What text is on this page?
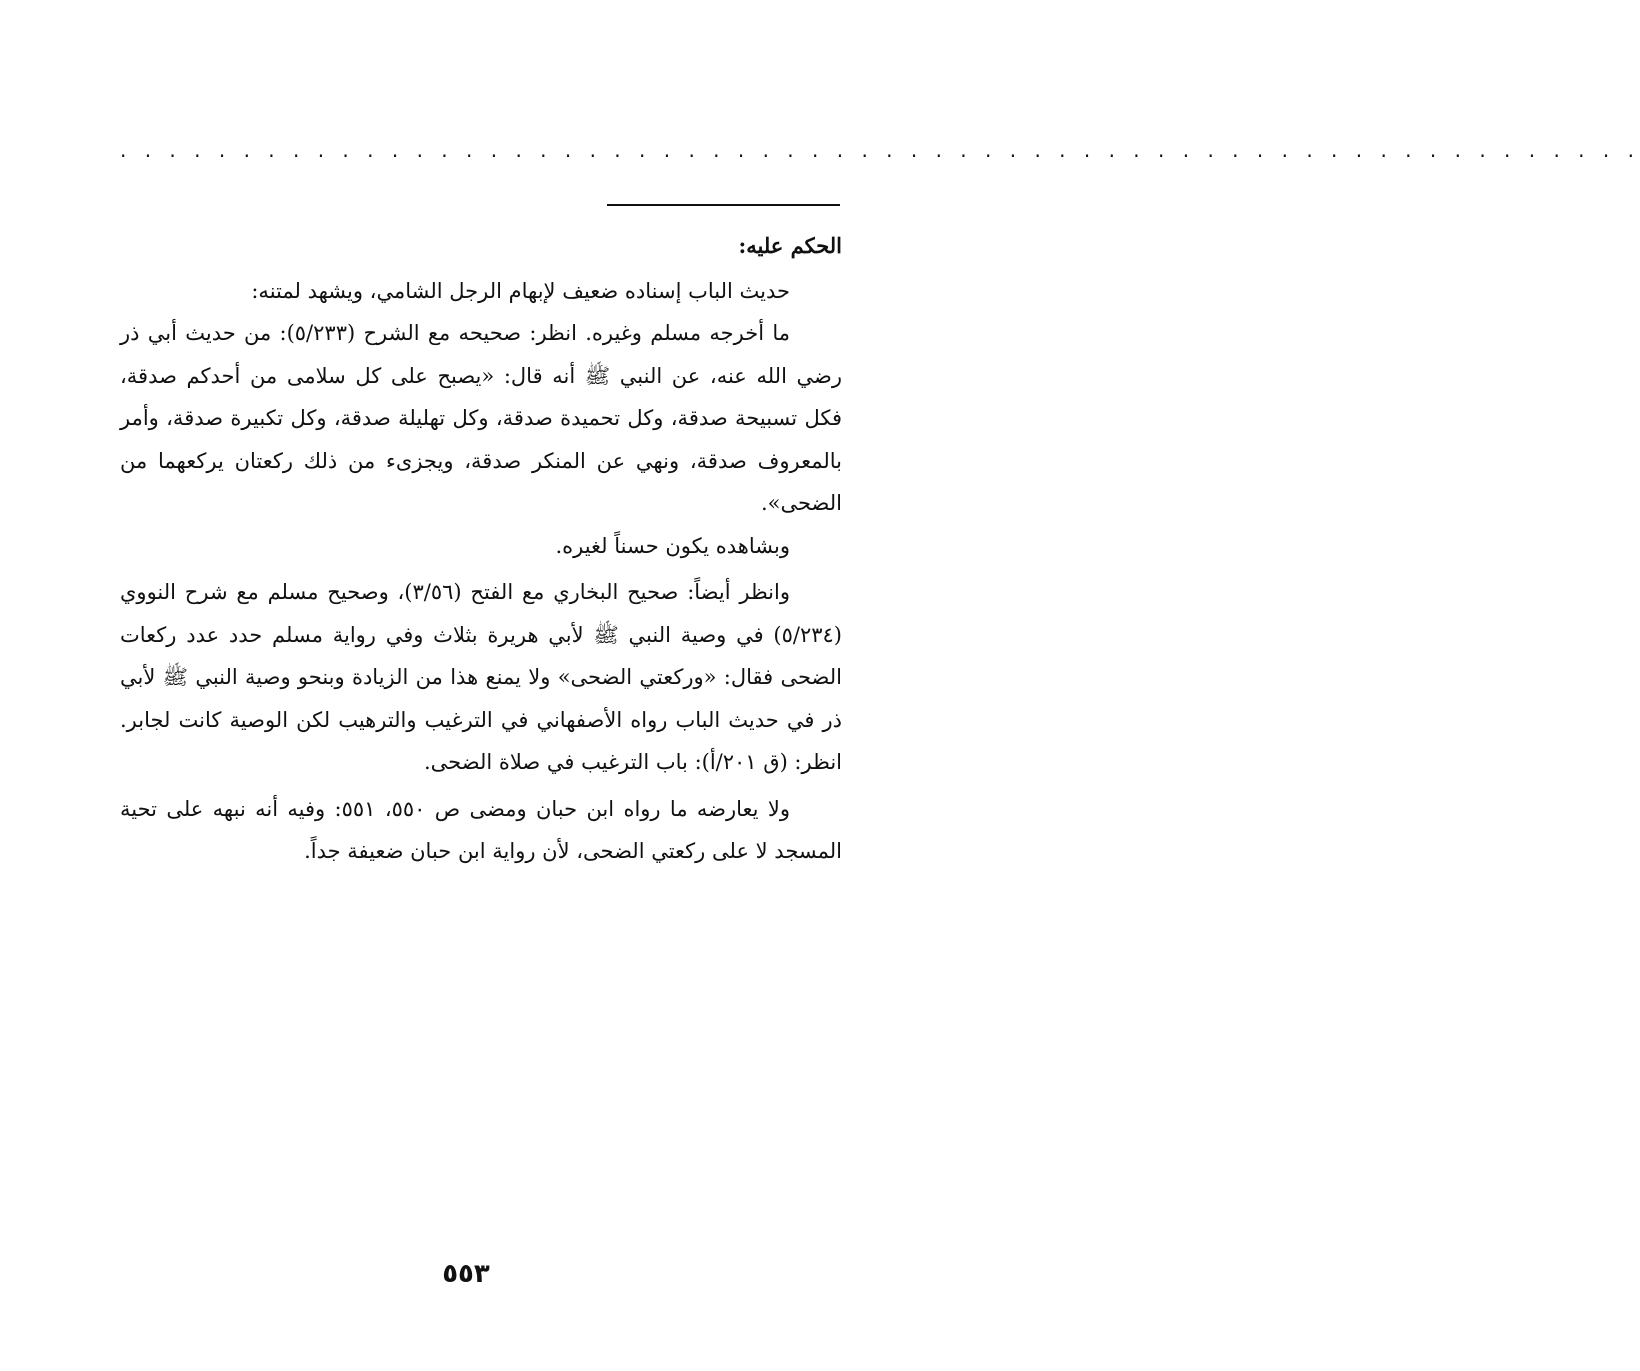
. . . . . . . . . . . . . . . . . . . . . . . . . . . . . . . . . . . . . . . . . . . . . . . . . . . . . . . . . . . . . .
الحكم عليه:

حديث الباب إسناده ضعيف لإبهام الرجل الشامي، ويشهد لمتنه:

ما أخرجه مسلم وغيره. انظر: صحيحه مع الشرح (٥/٢٣٣): من حديث أبي ذر رضي الله عنه، عن النبي ﷺ أنه قال: «يصبح على كل سلامى من أحدكم صدقة، فكل تسبيحة صدقة، وكل تحميدة صدقة، وكل تهليلة صدقة، وكل تكبيرة صدقة، وأمر بالمعروف صدقة، ونهي عن المنكر صدقة، ويجزىء من ذلك ركعتان يركعهما من الضحى».

وبشاهده يكون حسناً لغيره.

وانظر أيضاً: صحيح البخاري مع الفتح (٣/٥٦)، وصحيح مسلم مع شرح النووي (٥/٢٣٤) في وصية النبي ﷺ لأبي هريرة بثلاث وفي رواية مسلم حدد عدد ركعات الضحى فقال: «وركعتي الضحى» ولا يمنع هذا من الزيادة وبنحو وصية النبي ﷺ لأبي ذر في حديث الباب رواه الأصفهاني في الترغيب والترهيب لكن الوصية كانت لجابر. انظر: (ق ٢٠١/أ): باب الترغيب في صلاة الضحى.

ولا يعارضه ما رواه ابن حبان ومضى ص ٥٥٠، ٥٥١: وفيه أنه نبهه على تحية المسجد لا على ركعتي الضحى، لأن رواية ابن حبان ضعيفة جداً.

٥٥٣
